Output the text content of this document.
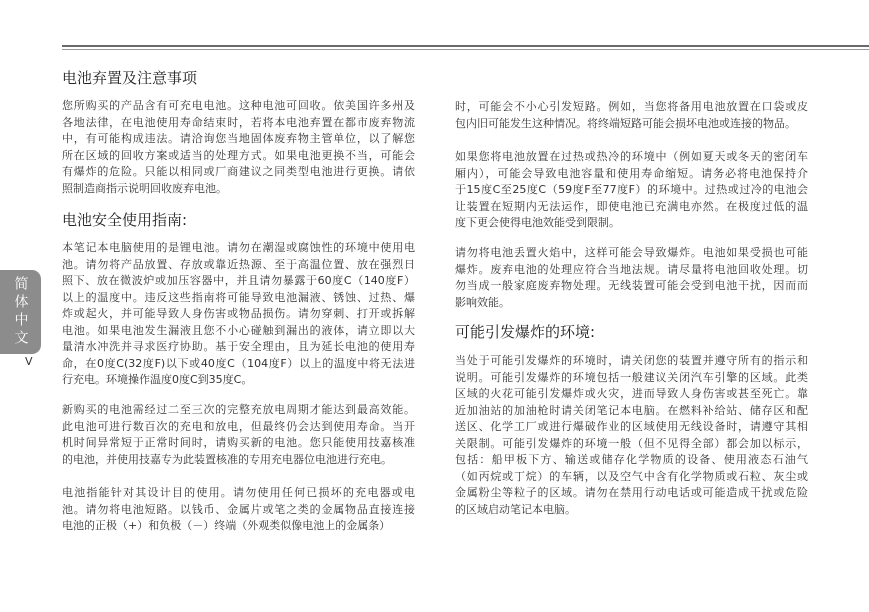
简体中文
V
电池弃置及注意事项
您所购买的产品含有可充电电池。这种电池可回收。依美国许多州及
各地法律，在电池使用寿命结束时，若将本电池弃置在都市废弃物流
中，有可能构成违法。请洽询您当地固体废弃物主管单位，以了解您
所在区域的回收方案或适当的处理方式。如果电池更换不当，可能会
有爆炸的危险。只能以相同或厂商建议之同类型电池进行更换。请依
照制造商指示说明回收废弃电池。
电池安全使用指南:
本笔记本电脑使用的是锂电池。请勿在潮湿或腐蚀性的环境中使用电
池。请勿将产品放置、存放或靠近热源、至于高温位置、放在强烈日
照下、放在微波炉或加压容器中，并且请勿暴露于60度C（140度F）
以上的温度中。违反这些指南将可能导致电池漏液、锈蚀、过热、爆
炸或起火，并可能导致人身伤害或物品损伤。请勿穿刺、打开或拆解
电池。如果电池发生漏液且您不小心碰触到漏出的液体，请立即以大
量清水冲洗并寻求医疗协助。基于安全理由，且为延长电池的使用寿
命，在0度C(32度F)以下或40度C（104度F）以上的温度中将无法进
行充电。环境操作温度0度C到35度C。
新购买的电池需经过二至三次的完整充放电周期才能达到最高效能。
此电池可进行数百次的充电和放电，但最终仍会达到使用寿命。当开
机时间异常短于正常时间时，请购买新的电池。您只能使用技嘉核准
的电池，并使用技嘉专为此装置核准的专用充电器位电池进行充电。
电池指能针对其设计目的使用。请勿使用任何已损坏的充电器或电
池。请勿将电池短路。以钱币、金属片或笔之类的金属物品直接连接
电池的正极（+）和负极（－）终端（外观类似像电池上的金属条）
时，可能会不小心引发短路。例如，当您将备用电池放置在口袋或皮
包内旧可能发生这种情况。将终端短路可能会损坏电池或连接的物品。
如果您将电池放置在过热或热冷的环境中（例如夏天或冬天的密闭车
厢内），可能会导致电池容量和使用寿命缩短。请务必将电池保持介
于15度C至25度C（59度F至77度F）的环境中。过热或过冷的电池会
让装置在短期内无法运作，即使电池已充满电亦然。在极度过低的温
度下更会使得电池效能受到限制。
请勿将电池丢置火焰中，这样可能会导致爆炸。电池如果受损也可能
爆炸。废弃电池的处理应符合当地法规。请尽量将电池回收处理。切
勿当成一般家庭废弃物处理。无线装置可能会受到电池干扰，因而而
影响效能。
可能引发爆炸的环境:
当处于可能引发爆炸的环境时，请关闭您的装置并遵守所有的指示和
说明。可能引发爆炸的环境包括一般建议关闭汽车引擎的区域。此类
区域的火花可能引发爆炸或火灾，进而导致人身伤害或甚至死亡。靠
近加油站的加油枪时请关闭笔记本电脑。在燃料补给站、储存区和配
送区、化学工厂或进行爆破作业的区域使用无线设备时，请遵守其相
关限制。可能引发爆炸的环境一般（但不见得全部）都会加以标示，
包括：船甲板下方、输送或储存化学物质的设备、使用液态石油气
（如丙烷或丁烷）的车辆，以及空气中含有化学物质或石粒、灰尘或
金属粉尘等粒子的区域。请勿在禁用行动电话或可能造成干扰或危险
的区域启动笔记本电脑。
